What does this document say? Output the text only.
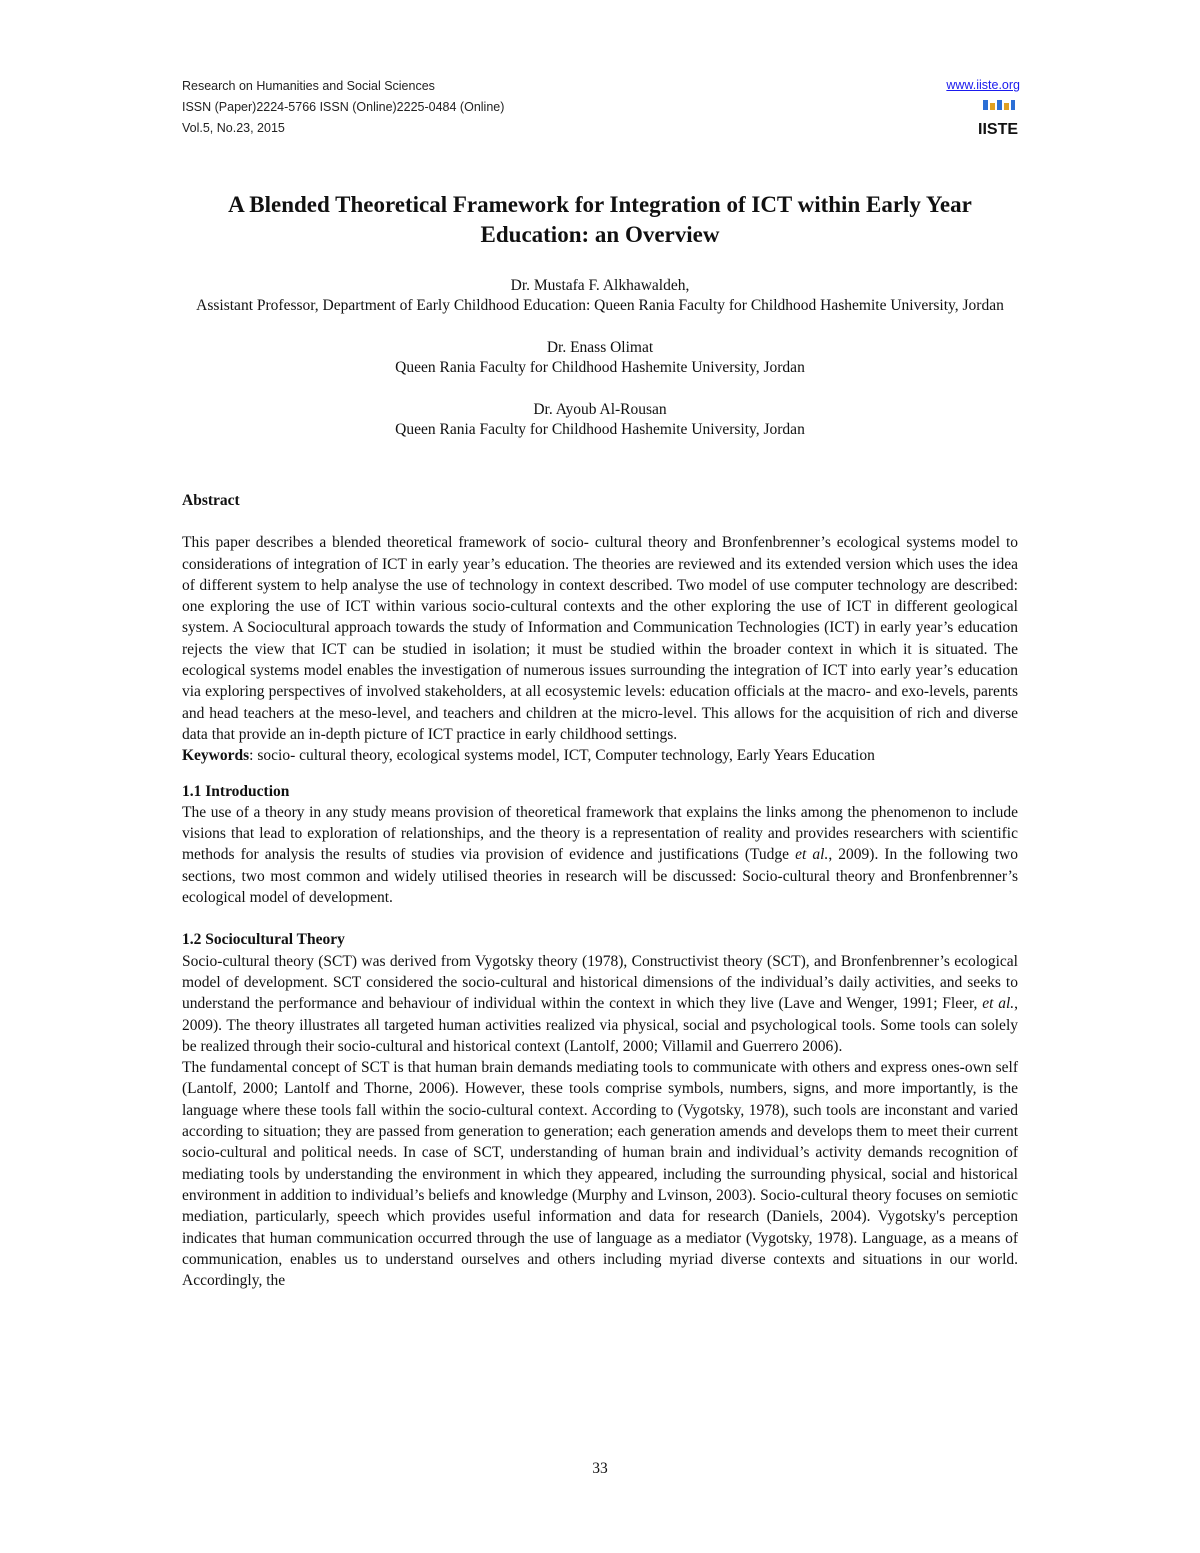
Research on Humanities and Social Sciences
ISSN (Paper)2224-5766 ISSN (Online)2225-0484 (Online)
Vol.5, No.23, 2015
www.iiste.org
IISTE
A Blended Theoretical Framework for Integration of ICT within Early Year Education: an Overview
Dr. Mustafa F. Alkhawaldeh,
Assistant Professor, Department of Early Childhood Education: Queen Rania Faculty for Childhood Hashemite University, Jordan
Dr. Enass Olimat
Queen Rania Faculty for Childhood Hashemite University, Jordan
Dr. Ayoub Al-Rousan
Queen Rania Faculty for Childhood Hashemite University, Jordan
Abstract
This paper describes a blended theoretical framework of socio- cultural theory and Bronfenbrenner’s ecological systems model to considerations of integration of ICT in early year’s education. The theories are reviewed and its extended version which uses the idea of different system to help analyse the use of technology in context described. Two model of use computer technology are described: one exploring the use of ICT within various socio-cultural contexts and the other exploring the use of ICT in different geological system. A Sociocultural approach towards the study of Information and Communication Technologies (ICT) in early year’s education rejects the view that ICT can be studied in isolation; it must be studied within the broader context in which it is situated. The ecological systems model enables the investigation of numerous issues surrounding the integration of ICT into early year’s education via exploring perspectives of involved stakeholders, at all ecosystemic levels: education officials at the macro- and exo-levels, parents and head teachers at the meso-level, and teachers and children at the micro-level. This allows for the acquisition of rich and diverse data that provide an in-depth picture of ICT practice in early childhood settings.
Keywords: socio- cultural theory, ecological systems model, ICT, Computer technology, Early Years Education
1.1 Introduction
The use of a theory in any study means provision of theoretical framework that explains the links among the phenomenon to include visions that lead to exploration of relationships, and the theory is a representation of reality and provides researchers with scientific methods for analysis the results of studies via provision of evidence and justifications (Tudge et al., 2009). In the following two sections, two most common and widely utilised theories in research will be discussed: Socio-cultural theory and Bronfenbrenner’s ecological model of development.
1.2 Sociocultural Theory
Socio-cultural theory (SCT) was derived from Vygotsky theory (1978), Constructivist theory (SCT), and Bronfenbrenner’s ecological model of development. SCT considered the socio-cultural and historical dimensions of the individual’s daily activities, and seeks to understand the performance and behaviour of individual within the context in which they live (Lave and Wenger, 1991; Fleer, et al., 2009). The theory illustrates all targeted human activities realized via physical, social and psychological tools. Some tools can solely be realized through their socio-cultural and historical context (Lantolf, 2000; Villamil and Guerrero 2006).
The fundamental concept of SCT is that human brain demands mediating tools to communicate with others and express ones-own self (Lantolf, 2000; Lantolf and Thorne, 2006). However, these tools comprise symbols, numbers, signs, and more importantly, is the language where these tools fall within the socio-cultural context. According to (Vygotsky, 1978), such tools are inconstant and varied according to situation; they are passed from generation to generation; each generation amends and develops them to meet their current socio-cultural and political needs. In case of SCT, understanding of human brain and individual’s activity demands recognition of mediating tools by understanding the environment in which they appeared, including the surrounding physical, social and historical environment in addition to individual’s beliefs and knowledge (Murphy and Lvinson, 2003). Socio-cultural theory focuses on semiotic mediation, particularly, speech which provides useful information and data for research (Daniels, 2004). Vygotsky's perception indicates that human communication occurred through the use of language as a mediator (Vygotsky, 1978). Language, as a means of communication, enables us to understand ourselves and others including myriad diverse contexts and situations in our world. Accordingly, the
33
